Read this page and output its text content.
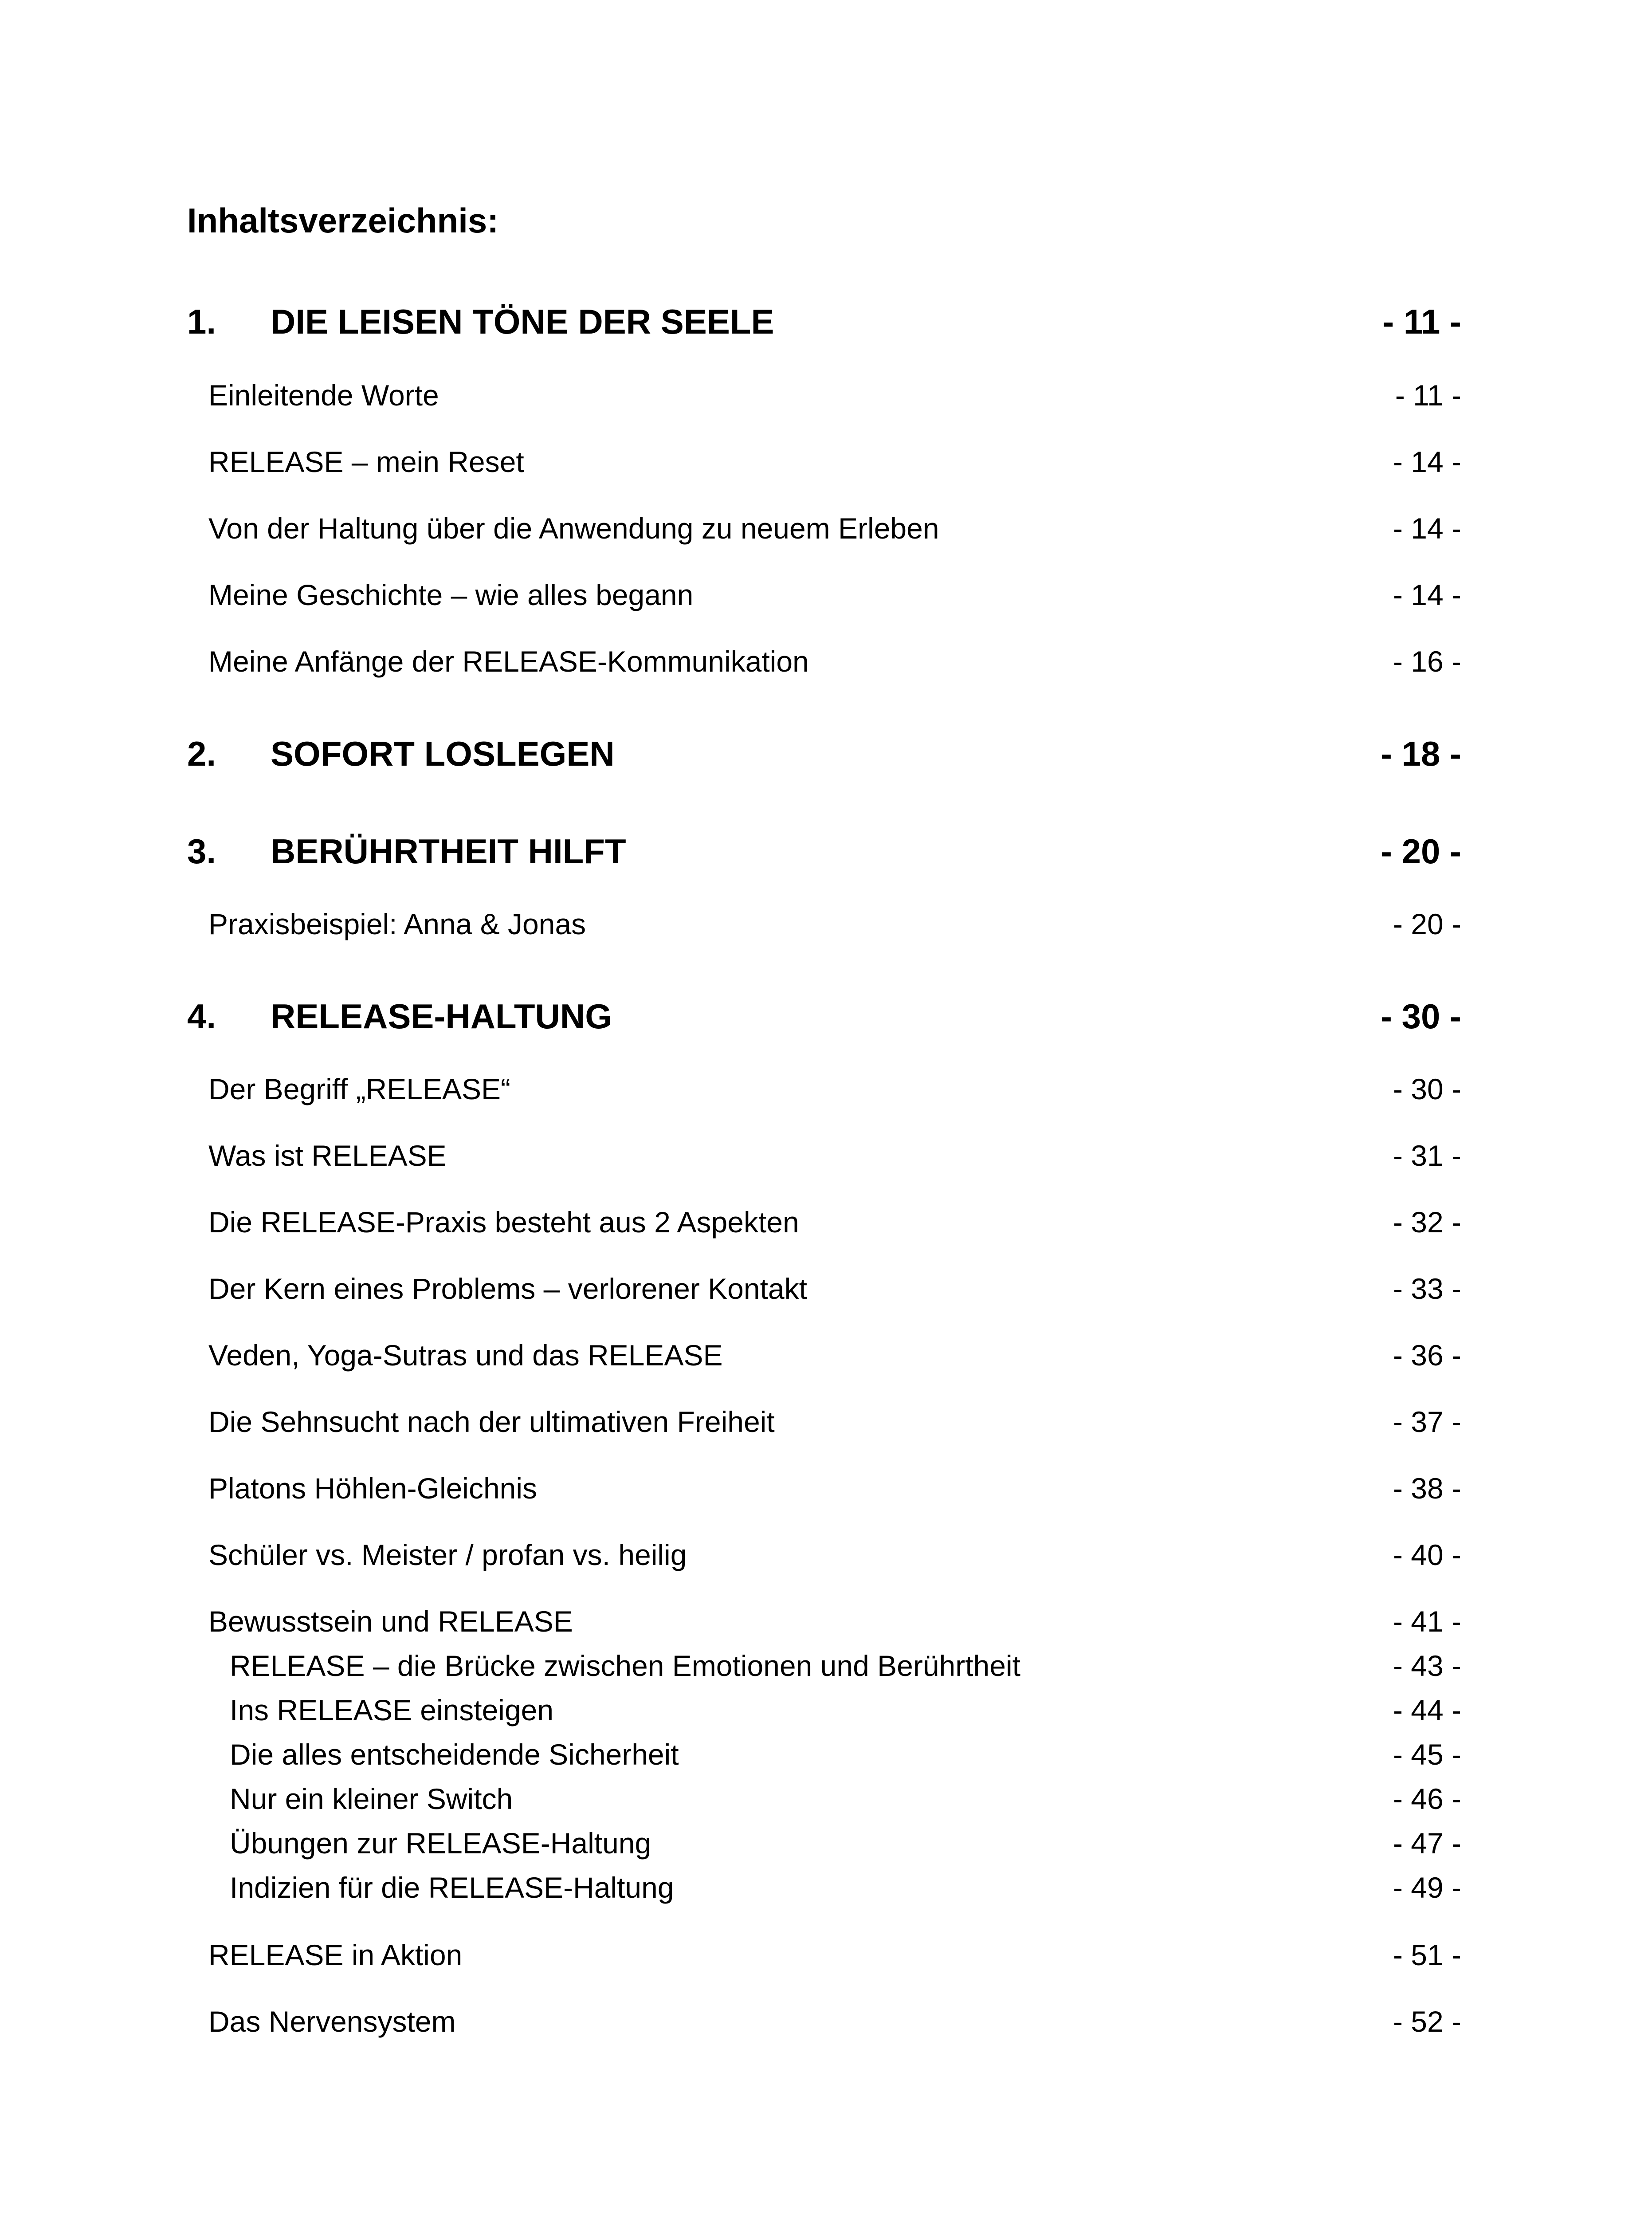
Inhaltsverzeichnis:
1. DIE LEISEN TÖNE DER SEELE	- 11 -
Einleitende Worte	- 11 -
RELEASE – mein Reset	- 14 -
Von der Haltung über die Anwendung zu neuem Erleben	- 14 -
Meine Geschichte – wie alles begann	- 14 -
Meine Anfänge der RELEASE-Kommunikation	- 16 -
2. SOFORT LOSLEGEN	- 18 -
3. BERÜHRTHEIT HILFT	- 20 -
Praxisbeispiel: Anna & Jonas	- 20 -
4. RELEASE-HALTUNG	- 30 -
Der Begriff „RELEASE“	- 30 -
Was ist RELEASE	- 31 -
Die RELEASE-Praxis besteht aus 2 Aspekten	- 32 -
Der Kern eines Problems – verlorener Kontakt	- 33 -
Veden, Yoga-Sutras und das RELEASE	- 36 -
Die Sehnsucht nach der ultimativen Freiheit	- 37 -
Platons Höhlen-Gleichnis	- 38 -
Schüler vs. Meister / profan vs. heilig	- 40 -
Bewusstsein und RELEASE	- 41 -
RELEASE – die Brücke zwischen Emotionen und Berührtheit	- 43 -
Ins RELEASE einsteigen	- 44 -
Die alles entscheidende Sicherheit	- 45 -
Nur ein kleiner Switch	- 46 -
Übungen zur RELEASE-Haltung	- 47 -
Indizien für die RELEASE-Haltung	- 49 -
RELEASE in Aktion	- 51 -
Das Nervensystem	- 52 -
